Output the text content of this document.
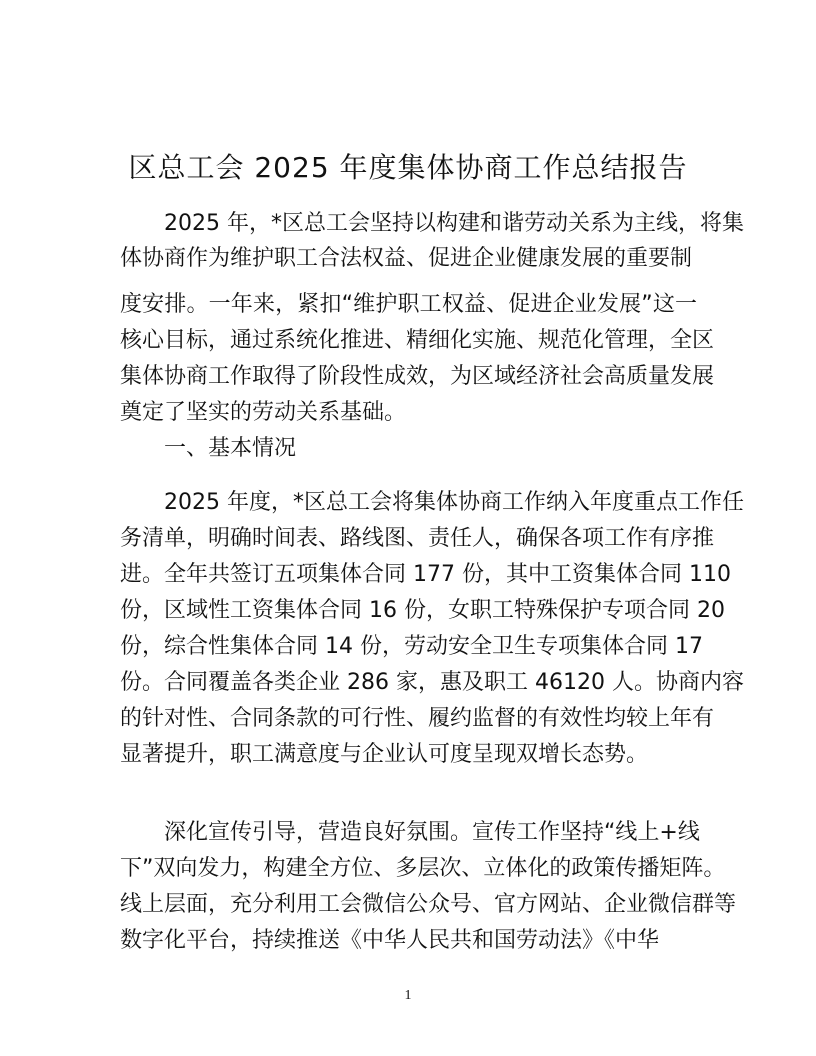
区总工会 2025 年度集体协商工作总结报告
2025 年，*区总工会坚持以构建和谐劳动关系为主线，将集
体协商作为维护职工合法权益、促进企业健康发展的重要制
度安排。一年来，紧扣“维护职工权益、促进企业发展”这一
核心目标，通过系统化推进、精细化实施、规范化管理，全区
集体协商工作取得了阶段性成效，为区域经济社会高质量发展
奠定了坚实的劳动关系基础。
一、基本情况
2025 年度，*区总工会将集体协商工作纳入年度重点工作任
务清单，明确时间表、路线图、责任人，确保各项工作有序推
进。全年共签订五项集体合同 177 份，其中工资集体合同 110
份，区域性工资集体合同 16 份，女职工特殊保护专项合同 20
份，综合性集体合同 14 份，劳动安全卫生专项集体合同 17
份。合同覆盖各类企业 286 家，惠及职工 46120 人。协商内容
的针对性、合同条款的可行性、履约监督的有效性均较上年有
显著提升，职工满意度与企业认可度呈现双增长态势。
深化宣传引导，营造良好氛围。宣传工作坚持“线上+线
下”双向发力，构建全方位、多层次、立体化的政策传播矩阵。
线上层面，充分利用工会微信公众号、官方网站、企业微信群等
数字化平台，持续推送《中华人民共和国劳动法》《中华
1
